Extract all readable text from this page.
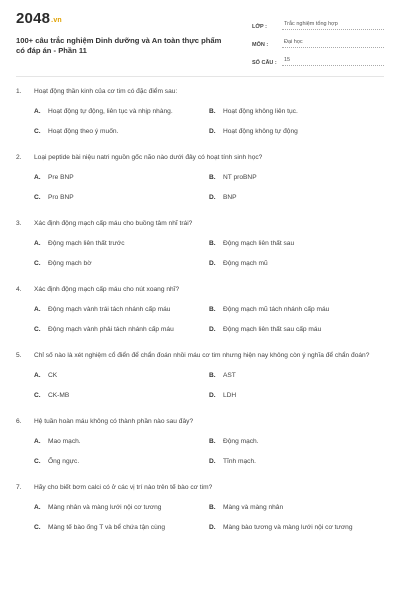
2048.vn
100+ câu trắc nghiệm Dinh dưỡng và An toàn thực phẩm
có đáp án - Phần 11
LỚP :	Trắc nghiệm tổng hợp
MÔN :	Đại học
SỐ CÂU :	15
1.	Hoạt động thần kinh của cơ tim có đặc điểm sau:
A.	Hoạt động tự động, liên tục và nhịp nhàng.	B.	Hoạt động không liên tục.
C.	Hoạt động theo ý muốn.	D.	Hoạt động không tự động
2.	Loại peptide bài niệu natri nguồn gốc não nào dưới đây có hoạt tính sinh học?
A.	Pre BNP	B.	NT proBNP
C.	Pro BNP	D.	BNP
3.	Xác định động mạch cấp máu cho buồng tâm nhĩ trái?
A.	Động mạch liên thất trước	B.	Động mạch liên thất sau
C.	Động mạch bờ	D.	Động mạch mũ
4.	Xác định động mạch cấp máu cho nút xoang nhĩ?
A.	Động mạch vành trái tách nhánh cấp máu	B.	Động mạch mũ tách nhánh cấp máu
C.	Động mạch vành phải tách nhánh cấp máu	D.	Động mạch liên thất sau cấp máu
5.	Chỉ số nào là xét nghiệm cổ điển để chẩn đoán nhồi máu cơ tim nhưng hiện nay không còn ý nghĩa để chẩn đoán?
A.	CK	B.	AST
C.	CK-MB	D.	LDH
6.	Hệ tuần hoàn máu không có thành phần nào sau đây?
A.	Mao mạch.	B.	Động mạch.
C.	Ống ngực.	D.	Tĩnh mạch.
7.	Hãy cho biết bơm calci có ở các vị trí nào trên tế bào cơ tim?
A.	Màng nhân và màng lưới nội cơ tương	B.	Màng và màng nhân
C.	Màng tế bào ống T và bể chứa tận cùng	D.	Màng bào tương và màng lưới nội cơ tương
